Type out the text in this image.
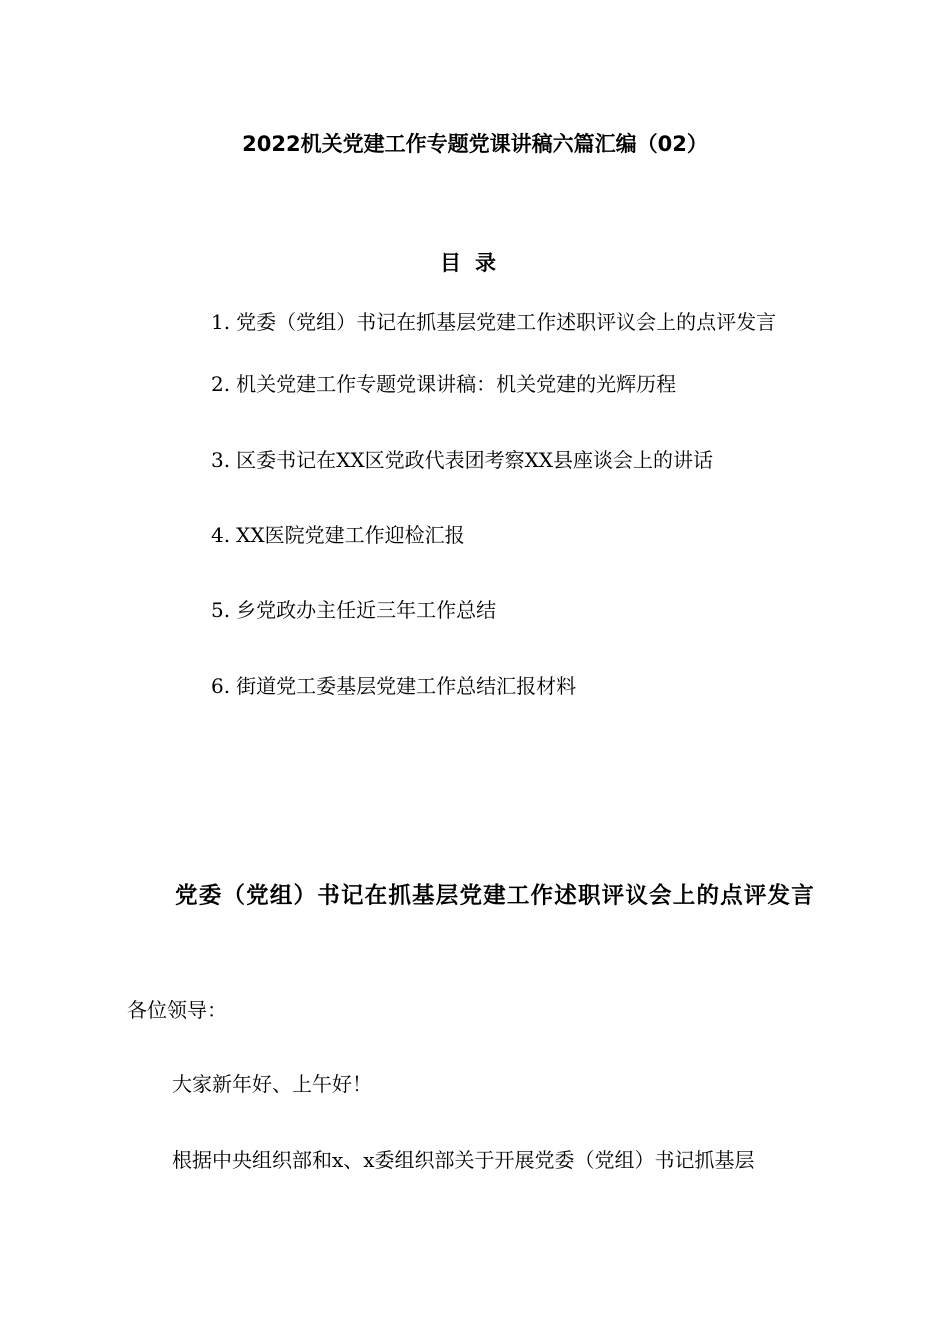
2022机关党建工作专题党课讲稿六篇汇编（02）
目录
1. 党委（党组）书记在抓基层党建工作述职评议会上的点评发言
2. 机关党建工作专题党课讲稿：机关党建的光辉历程
3. 区委书记在XX区党政代表团考察XX县座谈会上的讲话
4. XX医院党建工作迎检汇报
5. 乡党政办主任近三年工作总结
6. 街道党工委基层党建工作总结汇报材料
党委（党组）书记在抓基层党建工作述职评议会上的点评发言

各位领导：

大家新年好、上午好！

根据中央组织部和x、x委组织部关于开展党委（党组）书记抓基层
